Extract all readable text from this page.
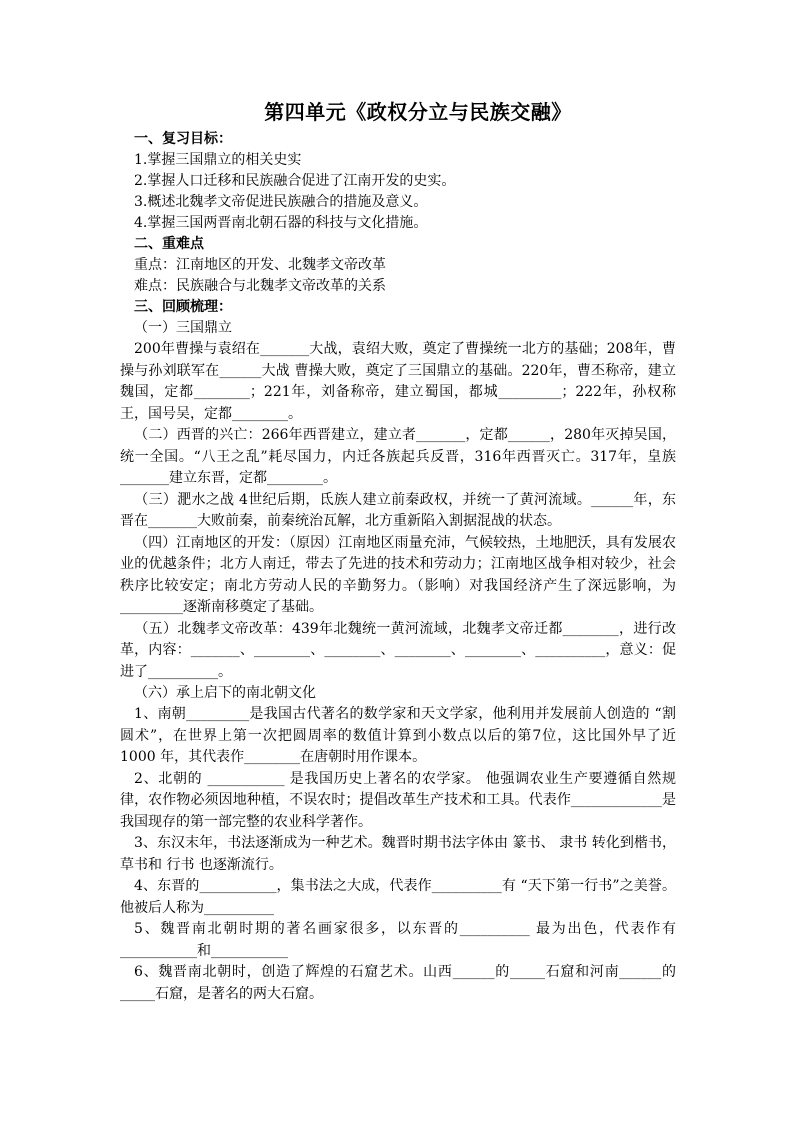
第四单元《政权分立与民族交融》
一、复习目标：
1.掌握三国鼎立的相关史实
2.掌握人口迁移和民族融合促进了江南开发的史实。
3.概述北魏孝文帝促进民族融合的措施及意义。
4.掌握三国两晋南北朝石器的科技与文化措施。
二、重难点
重点：江南地区的开发、北魏孝文帝改革
难点：民族融合与北魏孝文帝改革的关系
三、回顾梳理：
（一）三国鼎立
200年曹操与袁绍在_______大战，袁绍大败，奠定了曹操统一北方的基础；208年，曹操与孙刘联军在______大战 曹操大败，奠定了三国鼎立的基础。220年，曹丕称帝，建立魏国，定都________；221年，刘备称帝，建立蜀国，都城_________；222年，孙权称王，国号吴，定都________。
（二）西晋的兴亡：266年西晋建立，建立者_______，定都______，280年灭掉吴国，统一全国。“八王之乱”耗尽国力，内迁各族起兵反晋，316年西晋灭亡。317年，皇族_______建立东晋，定都________。
（三）淝水之战 4世纪后期，氐族人建立前秦政权，并统一了黄河流域。______年，东晋在_______大败前秦，前秦统治瓦解，北方重新陷入割据混战的状态。
（四）江南地区的开发：（原因）江南地区雨量充沛，气候较热，土地肥沃，具有发展农业的优越条件；北方人南迁，带去了先进的技术和劳动力；江南地区战争相对较少，社会秩序比较安定；南北方劳动人民的辛勤努力。（影响）对我国经济产生了深远影响，为_________逐渐南移奠定了基础。
（五）北魏孝文帝改革：439年北魏统一黄河流域，北魏孝文帝迁都________，进行改革，内容：_______、________、________、________、________、__________，意义：促进了__________。
（六）承上启下的南北朝文化
1、南朝_________是我国古代著名的数学家和天文学家，他利用并发展前人创造的 “割圆术”，在世界上第一次把圆周率的数值计算到小数点以后的第7位，这比国外早了近 1000 年，其代表作________在唐朝时用作课本。
2、北朝的 ___________ 是我国历史上著名的农学家。 他强调农业生产要遵循自然规律，农作物必须因地种植，不误农时；提倡改革生产技术和工具。代表作_____________是我国现存的第一部完整的农业科学著作。
3、东汉末年，书法逐渐成为一种艺术。魏晋时期书法字体由 篆书、 隶书 转化到楷书，草书和 行书 也逐渐流行。
4、东晋的___________，集书法之大成，代表作__________有 “天下第一行书”之美誉。他被后人称为__________
5、魏晋南北朝时期的著名画家很多，以东晋的__________ 最为出色，代表作有___________和___________
6、魏晋南北朝时，创造了辉煌的石窟艺术。山西______的_____石窟和河南______的_____石窟，是著名的两大石窟。
